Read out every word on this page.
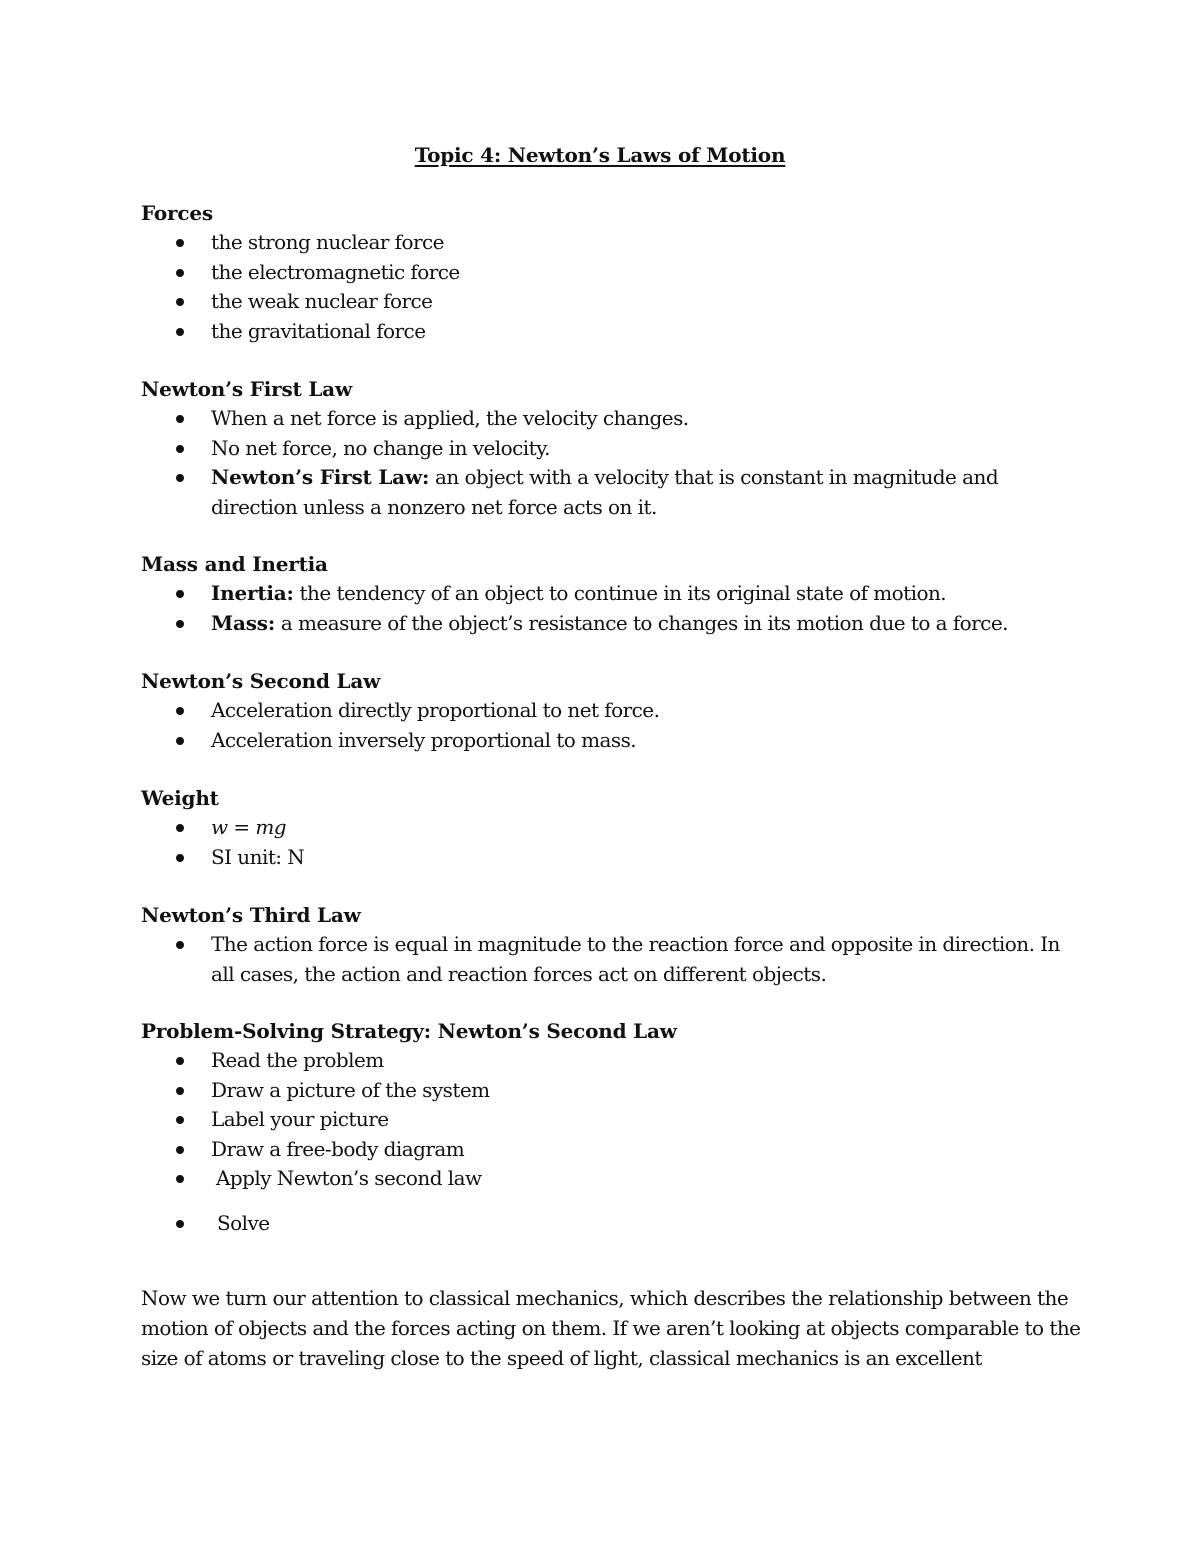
Topic 4: Newton’s Laws of Motion
Forces
the strong nuclear force
the electromagnetic force
the weak nuclear force
the gravitational force
Newton’s First Law
When a net force is applied, the velocity changes.
No net force, no change in velocity.
Newton’s First Law: an object with a velocity that is constant in magnitude and
direction unless a nonzero net force acts on it.
Mass and Inertia
Inertia: the tendency of an object to continue in its original state of motion.
Mass: a measure of the object’s resistance to changes in its motion due to a force.
Newton’s Second Law
Acceleration directly proportional to net force.
Acceleration inversely proportional to mass.
Weight
w = mg
SI unit: N
Newton’s Third Law
The action force is equal in magnitude to the reaction force and opposite in direction. In
all cases, the action and reaction forces act on different objects.
Problem-Solving Strategy: Newton’s Second Law
Read the problem
Draw a picture of the system
Label your picture
Draw a free-body diagram
Apply Newton’s second law
Solve
Now we turn our attention to classical mechanics, which describes the relationship between the
motion of objects and the forces acting on them. If we aren’t looking at objects comparable to the
size of atoms or traveling close to the speed of light, classical mechanics is an excellent
